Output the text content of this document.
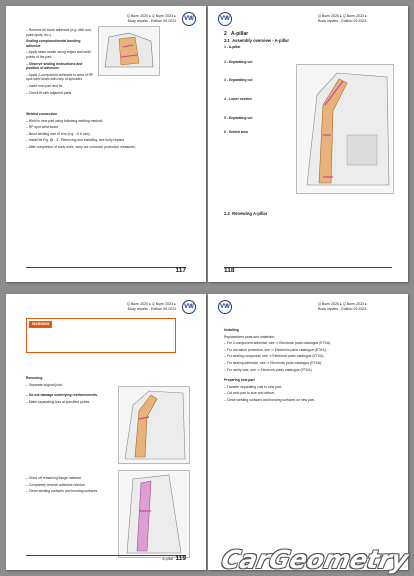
Q Buen 2020 ▸ Q Buen 2023 ▸
Body repairs - Edition 09.2023	VW

– Remove all loose adhesive (e.g. with rust, paint spots, etc.).

Sealing compound/metal bonding adhesive

– Apply seam sealer along edges and weld points of the part.

– Observe sealing instructions and position of adhesive.

– Apply 2-component adhesive to area of RP spot weld seam with help of spreader.

– Insert new part and fix.

– Check fit with adjacent parts.

Welded connection

– Weld in new part using following welding method:

– RP spot weld seam

– Bend welding wire Ø mm (e.g. ~0.8 mm).

– Install tie Fig. @ - 3 - Removing and installing, see body repairs

– After completion of body work, carry out corrosion protection measures.

117
VW	Q Buen 2020 ▸ Q Buen 2023 ▸
Body repairs - Edition 09.2023

2 A-pillar

2.1 Assembly overview - A-pillar

1 - A-pillar

2 - Separating cut

3 - Separating cut

4 - Lower section

5 - Separating cut

6 - Sealed area

2.2 Renewing A-pillar

118
Q Buen 2020 ▸ Q Buen 2023 ▸
Body repairs - Edition 09.2023	VW
WARNING

Removing

– Separate original joint.

– Do not damage underlying reinforcements.

– Make separating cuts at specified points.

– Grind off remaining flange material.

– Completely remove adhesive residue.

– Clean welding surfaces and bonding surfaces.

A-pillar 119
VW	Q Buen 2020 ▸ Q Buen 2023 ▸
Body repairs - Edition 09.2023

Installing

Replacement parts and materials:

– For 2-component adhesive, see ⇒ Electronic parts catalogue (ETKA).

– For corrosion protection, see ⇒ Electronic parts catalogue (ETKA).

– For sealing compound, see ⇒ Electronic parts catalogue (ETKA).

– For sealing adhesive, see ⇒ Electronic parts catalogue (ETKA).

– For cavity wax, see ⇒ Electronic parts catalogue (ETKA).

Preparing new part

– Transfer separating cuts to new part.

– Cut new part to size and deburr.

– Clean welding surfaces and bonding surfaces on new part.

CarGeometry
